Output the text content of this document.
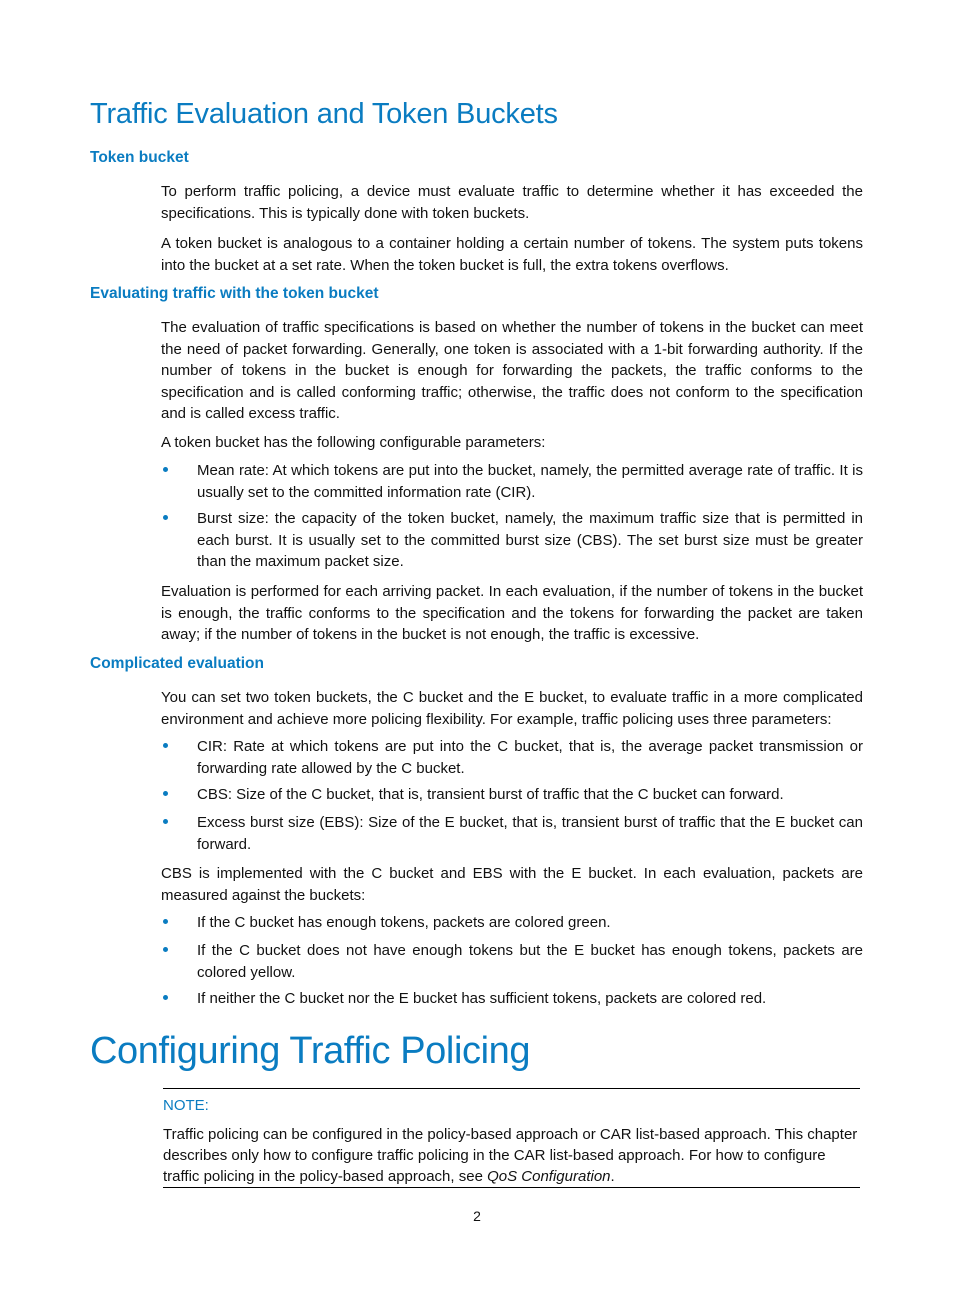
Traffic Evaluation and Token Buckets
Token bucket

To perform traffic policing, a device must evaluate traffic to determine whether it has exceeded the specifications. This is typically done with token buckets.

A token bucket is analogous to a container holding a certain number of tokens. The system puts tokens into the bucket at a set rate. When the token bucket is full, the extra tokens overflows.

Evaluating traffic with the token bucket

The evaluation of traffic specifications is based on whether the number of tokens in the bucket can meet the need of packet forwarding. Generally, one token is associated with a 1-bit forwarding authority. If the number of tokens in the bucket is enough for forwarding the packets, the traffic conforms to the specification and is called conforming traffic; otherwise, the traffic does not conform to the specification and is called excess traffic.

A token bucket has the following configurable parameters:

Mean rate: At which tokens are put into the bucket, namely, the permitted average rate of traffic. It is usually set to the committed information rate (CIR).
Burst size: the capacity of the token bucket, namely, the maximum traffic size that is permitted in each burst. It is usually set to the committed burst size (CBS). The set burst size must be greater than the maximum packet size.

Evaluation is performed for each arriving packet. In each evaluation, if the number of tokens in the bucket is enough, the traffic conforms to the specification and the tokens for forwarding the packet are taken away; if the number of tokens in the bucket is not enough, the traffic is excessive.

Complicated evaluation

You can set two token buckets, the C bucket and the E bucket, to evaluate traffic in a more complicated environment and achieve more policing flexibility. For example, traffic policing uses three parameters:

CIR: Rate at which tokens are put into the C bucket, that is, the average packet transmission or forwarding rate allowed by the C bucket.
CBS: Size of the C bucket, that is, transient burst of traffic that the C bucket can forward.
Excess burst size (EBS): Size of the E bucket, that is, transient burst of traffic that the E bucket can forward.

CBS is implemented with the C bucket and EBS with the E bucket. In each evaluation, packets are measured against the buckets:

If the C bucket has enough tokens, packets are colored green.
If the C bucket does not have enough tokens but the E bucket has enough tokens, packets are colored yellow.
If neither the C bucket nor the E bucket has sufficient tokens, packets are colored red.
Configuring Traffic Policing
NOTE:
Traffic policing can be configured in the policy-based approach or CAR list-based approach. This chapter describes only how to configure traffic policing in the CAR list-based approach. For how to configure traffic policing in the policy-based approach, see QoS Configuration.
2
